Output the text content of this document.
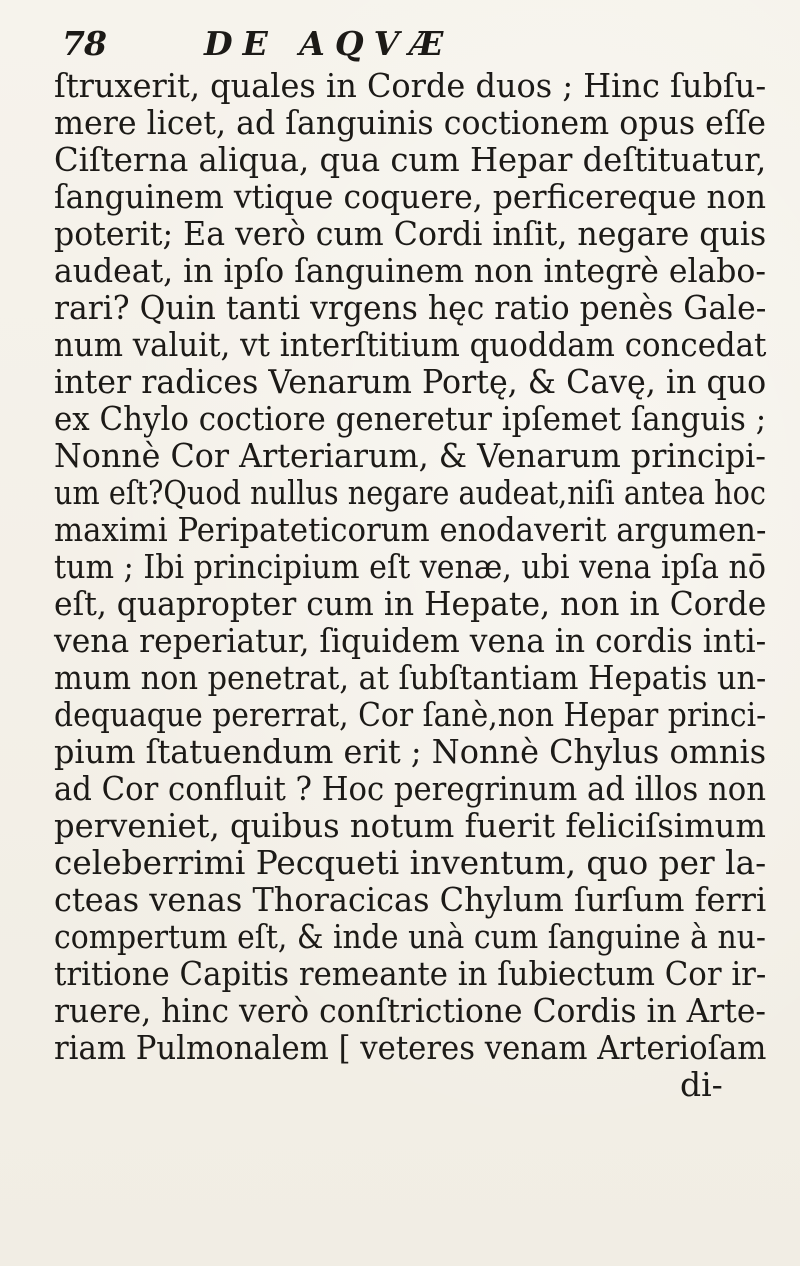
78	DE AQVÆ
ſtruxerit, quales in Corde duos ; Hinc ſubſu-
mere licet, ad ſanguinis coctionem opus eſſe
Ciſterna aliqua, qua cum Hepar deſtituatur,
ſanguinem vtique coquere, perficereque non
poterit; Ea verò cum Cordi inſit, negare quis
audeat, in ipſo ſanguinem non integrè elabo-
rari? Quin tanti vrgens hęc ratio penès Gale-
num valuit, vt interſtitium quoddam concedat
inter radices Venarum Portę, & Cavę, in quo
ex Chylo coctiore generetur ipſemet ſanguis ;
Nonnè Cor Arteriarum, & Venarum principi-
um eſt?Quod nullus negare audeat,niſi antea hoc
maximi Peripateticorum enodaverit argumen-
tum ; Ibi principium eſt venæ, ubi vena ipſa nō
eſt, quapropter cum in Hepate, non in Corde
vena reperiatur, ſiquidem vena in cordis inti-
mum non penetrat, at ſubſtantiam Hepatis un-
dequaque pererrat, Cor ſanè,non Hepar princi-
pium ſtatuendum erit ; Nonnè Chylus omnis
ad Cor confluit ? Hoc peregrinum ad illos non
perveniet, quibus notum fuerit feliciſsimum
celeberrimi Pecqueti inventum, quo per la-
cteas venas Thoracicas Chylum ſurſum ferri
compertum eſt, & inde unà cum ſanguine à nu-
tritione Capitis remeante in ſubiectum Cor ir-
ruere, hinc verò conſtrictione Cordis in Arte-
riam Pulmonalem [ veteres venam Arterioſam
di-
